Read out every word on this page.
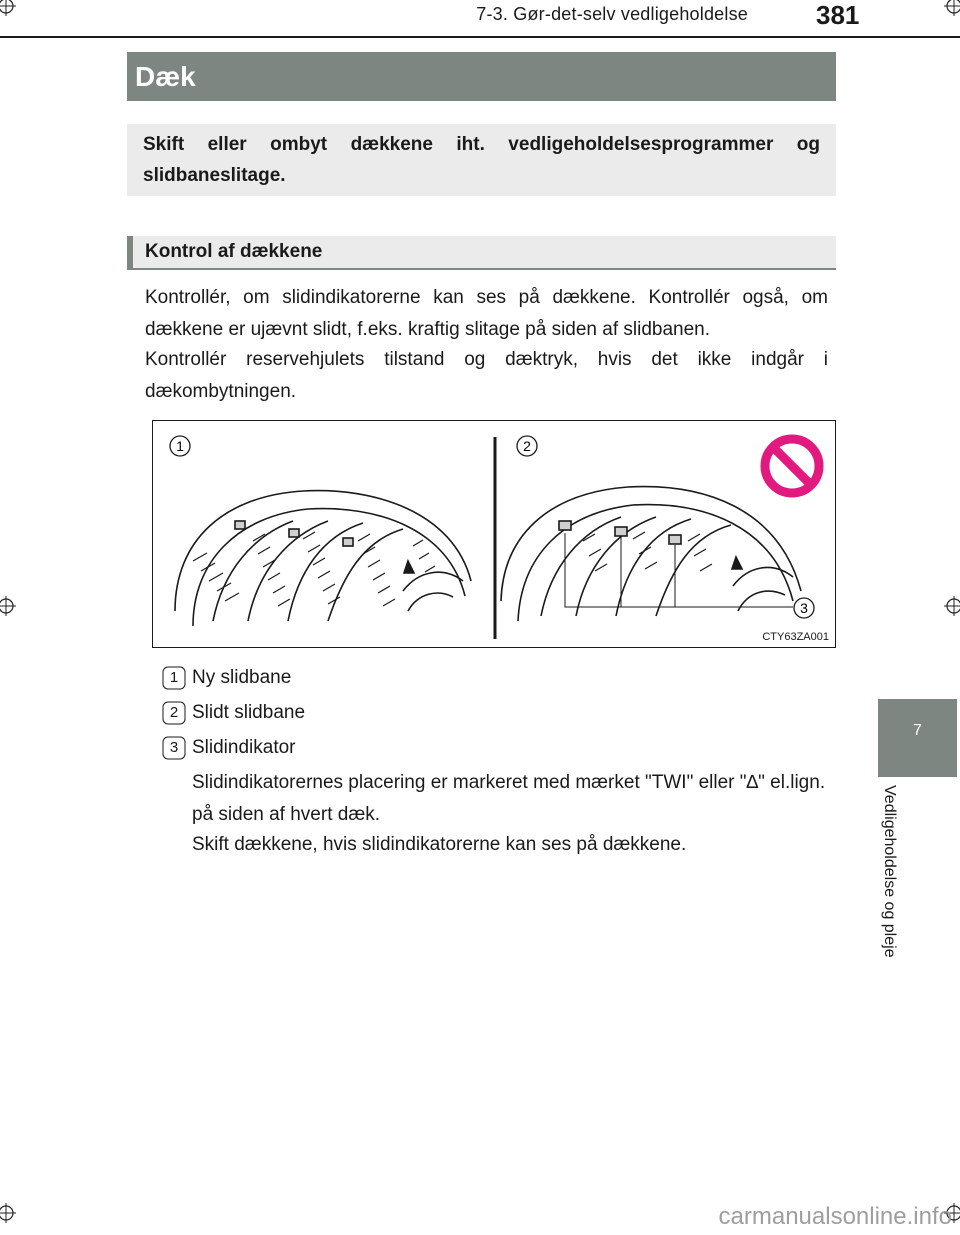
7-3. Gør-det-selv vedligeholdelse	381
Dæk
Skift eller ombyt dækkene iht. vedligeholdelsesprogrammer og slidbaneslitage.
Kontrol af dækkene

Kontrollér, om slidindikatorerne kan ses på dækkene. Kontrollér også, om dækkene er ujævnt slidt, f.eks. kraftig slitage på siden af slidbanen.

Kontrollér reservehjulets tilstand og dæktryk, hvis det ikke indgår i dækombytningen.

1	2
3
CTY63ZA001
1 Ny slidbane
2 Slidt slidbane
3 Slidindikator

Slidindikatorernes placering er markeret med mærket "TWI" eller "∆" el.lign. på siden af hvert dæk.

Skift dækkene, hvis slidindikatorerne kan ses på dækkene.

7
Vedligeholdelse og pleje
carmanualsonline.info
